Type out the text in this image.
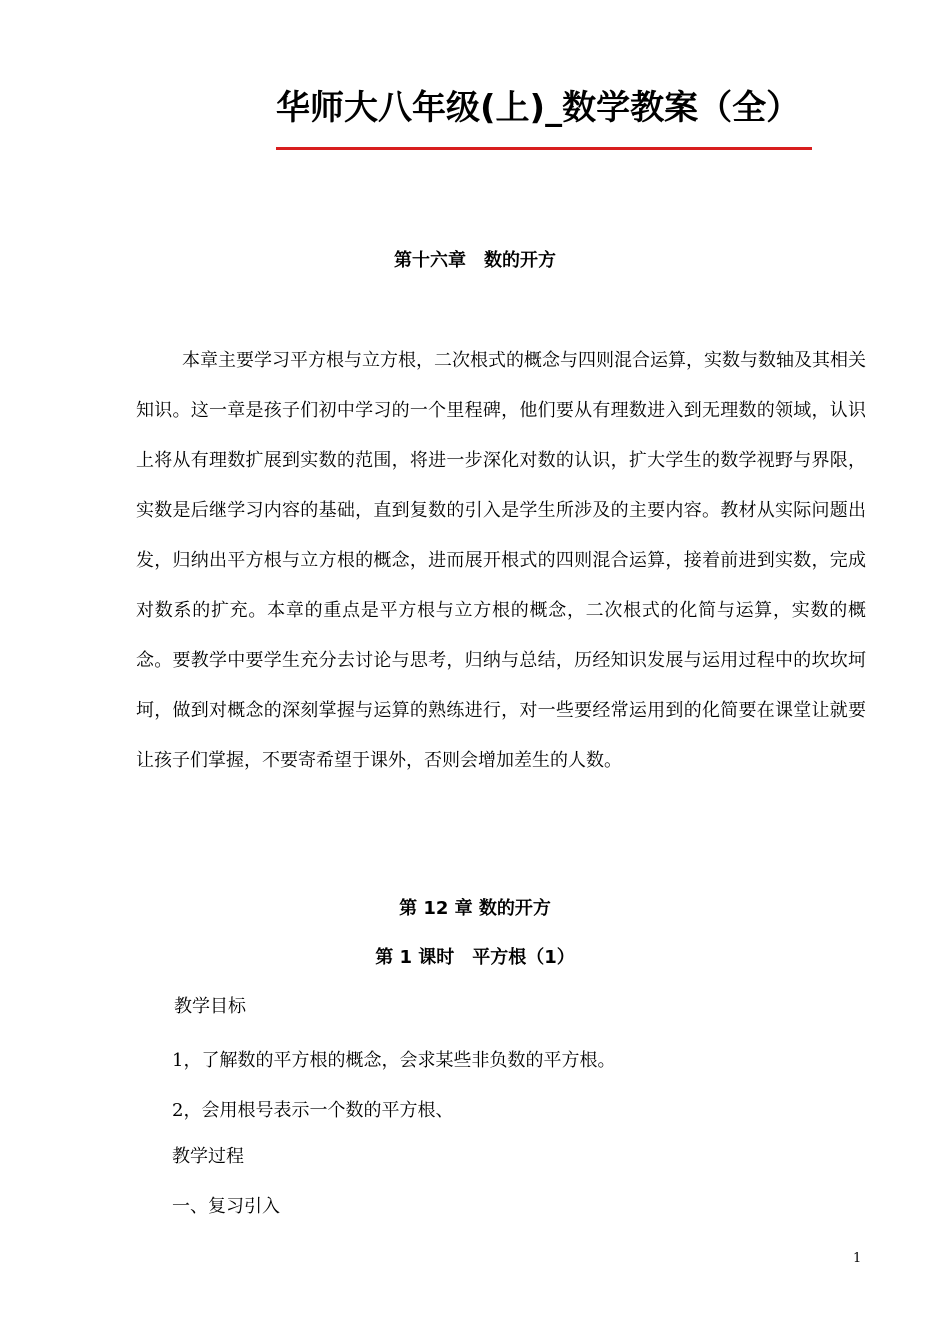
华师大八年级(上)_数学教案（全）
第十六章　数的开方

本章主要学习平方根与立方根，二次根式的概念与四则混合运算，实数与数轴及其相关知识。这一章是孩子们初中学习的一个里程碑，他们要从有理数进入到无理数的领域，认识上将从有理数扩展到实数的范围，将进一步深化对数的认识，扩大学生的数学视野与界限，实数是后继学习内容的基础，直到复数的引入是学生所涉及的主要内容。教材从实际问题出发，归纳出平方根与立方根的概念，进而展开根式的四则混合运算，接着前进到实数，完成对数系的扩充。本章的重点是平方根与立方根的概念，二次根式的化简与运算，实数的概念。要教学中要学生充分去讨论与思考，归纳与总结，历经知识发展与运用过程中的坎坎坷坷，做到对概念的深刻掌握与运算的熟练进行，对一些要经常运用到的化简要在课堂让就要让孩子们掌握，不要寄希望于课外，否则会增加差生的人数。

第 12 章 数的开方
第 1 课时　平方根（1）
教学目标
1，了解数的平方根的概念，会求某些非负数的平方根。
2，会用根号表示一个数的平方根、
教学过程
一、复习引入
1
